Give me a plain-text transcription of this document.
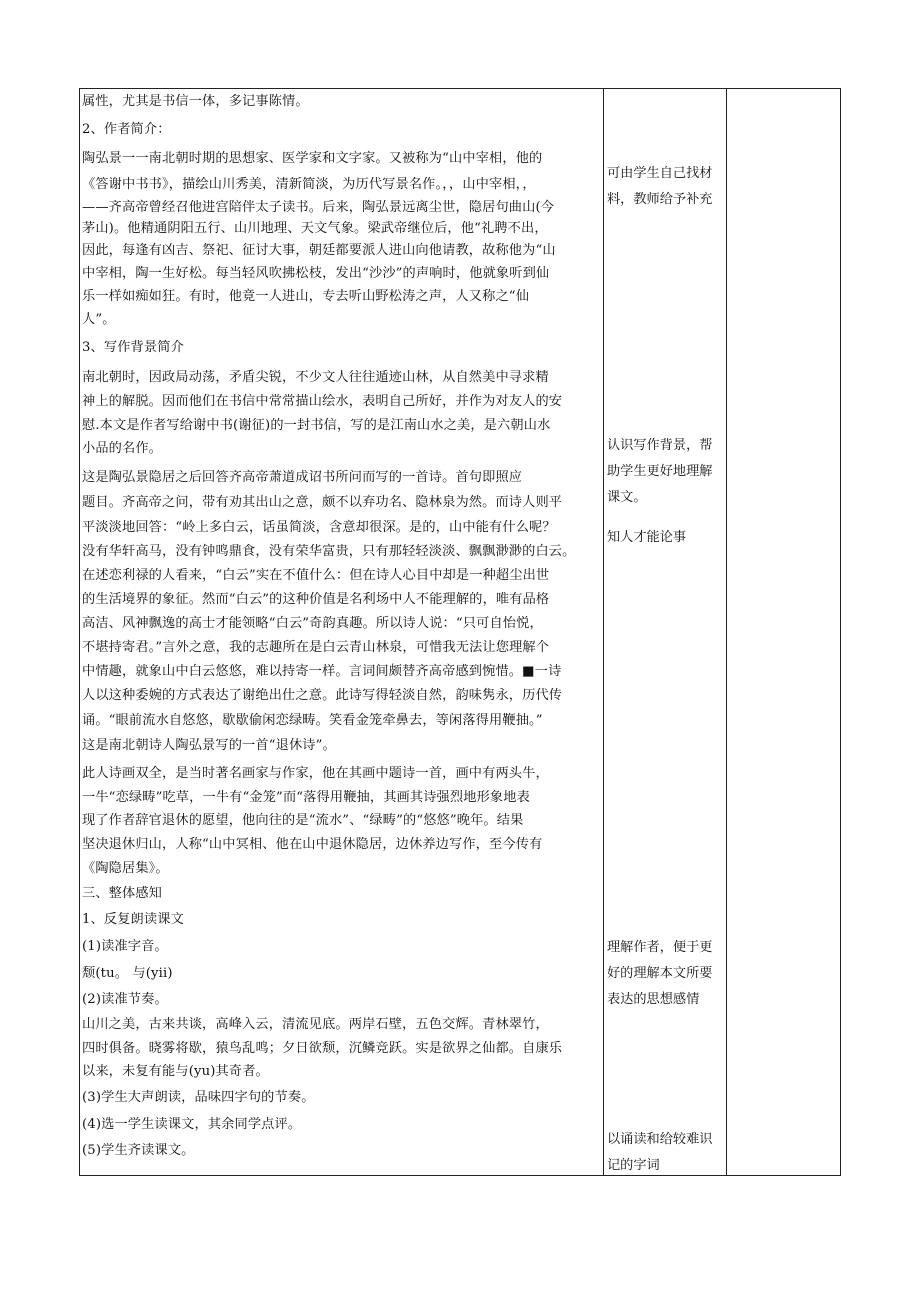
属性，尤其是书信一体，多记事陈情。
2、作者简介：
陶弘景一一南北朝时期的思想家、医学家和文字家。又被称为“山中宰相，他的
《答谢中书书》，描绘山川秀美，清新简淡，为历代写景名作。，，山中宰相，，
——齐高帝曾经召他进宫陪伴太子读书。后来，陶弘景远离尘世，隐居句曲山(今
茅山)。他精通阴阳五行、山川地理、天文气象。梁武帝继位后，他“礼聘不出，
因此，每逢有凶吉、祭祀、征讨大事，朝廷都要派人进山向他请教，故称他为“山
中宰相，陶一生好松。每当轻风吹拂松枝，发出“沙沙”的声响时，他就象听到仙
乐一样如痴如狂。有时，他竟一人进山，专去听山野松涛之声，人又称之“仙
人”。
3、写作背景简介
南北朝时，因政局动荡，矛盾尖锐，不少文人往往遁迹山林，从自然美中寻求精
神上的解脱。因而他们在书信中常常描山绘水，表明自己所好，并作为对友人的安
慰.本文是作者写给谢中书(谢征)的一封书信，写的是江南山水之美，是六朝山水
小品的名作。
这是陶弘景隐居之后回答齐高帝萧道成诏书所问而写的一首诗。首句即照应
题目。齐高帝之问，带有劝其出山之意，颇不以弃功名、隐林泉为然。而诗人则平
平淡淡地回答：“岭上多白云，话虽简淡，含意却很深。是的，山中能有什么呢？
没有华轩高马，没有钟鸣鼎食，没有荣华富贵，只有那轻轻淡淡、飘飘渺渺的白云。
在述恋利禄的人看来，“白云”实在不值什么：但在诗人心目中却是一种超尘出世
的生活境界的象征。然而“白云”的这种价值是名利场中人不能理解的，唯有品格
高洁、风神飘逸的高士才能领略“白云”奇韵真趣。所以诗人说：“只可自怡悦，
不堪持寄君。”言外之意，我的志趣所在是白云青山林泉，可惜我无法让您理解个
中情趣，就象山中白云悠悠，难以持寄一样。言词间颇替齐高帝感到惋惜。■一诗
人以这种委婉的方式表达了谢绝出仕之意。此诗写得轻淡自然，韵味隽永，历代传
诵。“眼前流水自悠悠，歇歇偷闲恋绿畴。笑看金笼牵鼻去，等闲落得用鞭抽。”
这是南北朝诗人陶弘景写的一首“退休诗”。
此人诗画双全，是当时著名画家与作家，他在其画中题诗一首，画中有两头牛，
一牛“恋绿畴”吃草，一牛有“金笼”而“落得用鞭抽，其画其诗强烈地形象地表
现了作者辞官退休的愿望，他向往的是“流水”、“绿畴”的“悠悠”晚年。结果
坚决退休归山，人称“山中冥相、他在山中退休隐居，边休养边写作，至今传有
《陶隐居集》。
三、整体感知
1、反复朗读课文
(1)读准字音。
颓(tu。 与(yii)
(2)读准节奏。
山川之美，古来共谈，高峰入云，清流见底。两岸石壁，五色交辉。青林翠竹，
四时俱备。晓雾将歇，猿鸟乱鸣；夕日欲颓，沉鳞竞跃。实是欲界之仙都。自康乐
以来，未复有能与(yu)其奇者。
(3)学生大声朗读，品味四字句的节奏。
(4)选一学生读课文，其余同学点评。
(5)学生齐读课文。
可由学生自己找材料，教师给予补充
认识写作背景，帮助学生更好地理解课文。
知人才能论事
理解作者，便于更好的理解本文所要表达的思想感情
以诵读和给较难识记的字词
